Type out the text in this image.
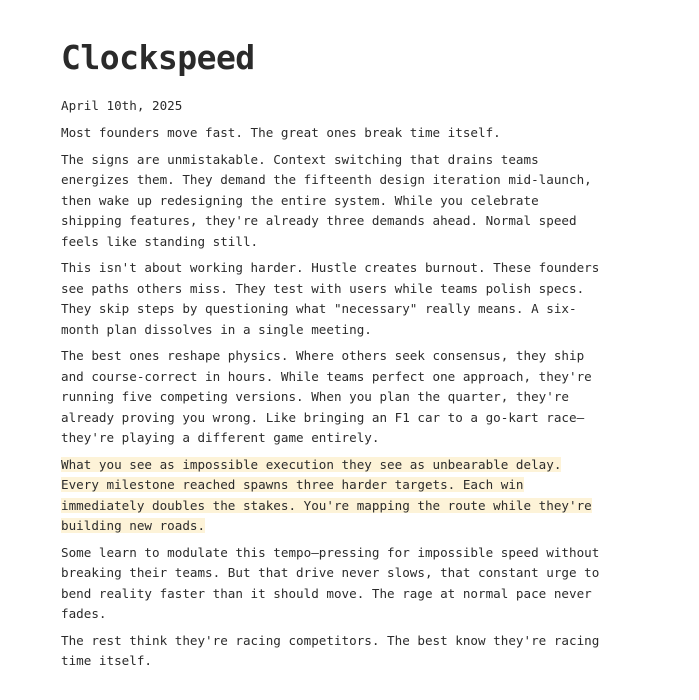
Clockspeed
April 10th, 2025

Most founders move fast. The great ones break time itself.

The signs are unmistakable. Context switching that drains teams
energizes them. They demand the fifteenth design iteration mid-launch,
then wake up redesigning the entire system. While you celebrate
shipping features, they're already three demands ahead. Normal speed
feels like standing still.

This isn't about working harder. Hustle creates burnout. These founders
see paths others miss. They test with users while teams polish specs.
They skip steps by questioning what "necessary" really means. A six-
month plan dissolves in a single meeting.

The best ones reshape physics. Where others seek consensus, they ship
and course-correct in hours. While teams perfect one approach, they're
running five competing versions. When you plan the quarter, they're
already proving you wrong. Like bringing an F1 car to a go-kart race—
they're playing a different game entirely.

What you see as impossible execution they see as unbearable delay.
Every milestone reached spawns three harder targets. Each win
immediately doubles the stakes. You're mapping the route while they're
building new roads.

Some learn to modulate this tempo—pressing for impossible speed without
breaking their teams. But that drive never slows, that constant urge to
bend reality faster than it should move. The rage at normal pace never
fades.

The rest think they're racing competitors. The best know they're racing
time itself.
